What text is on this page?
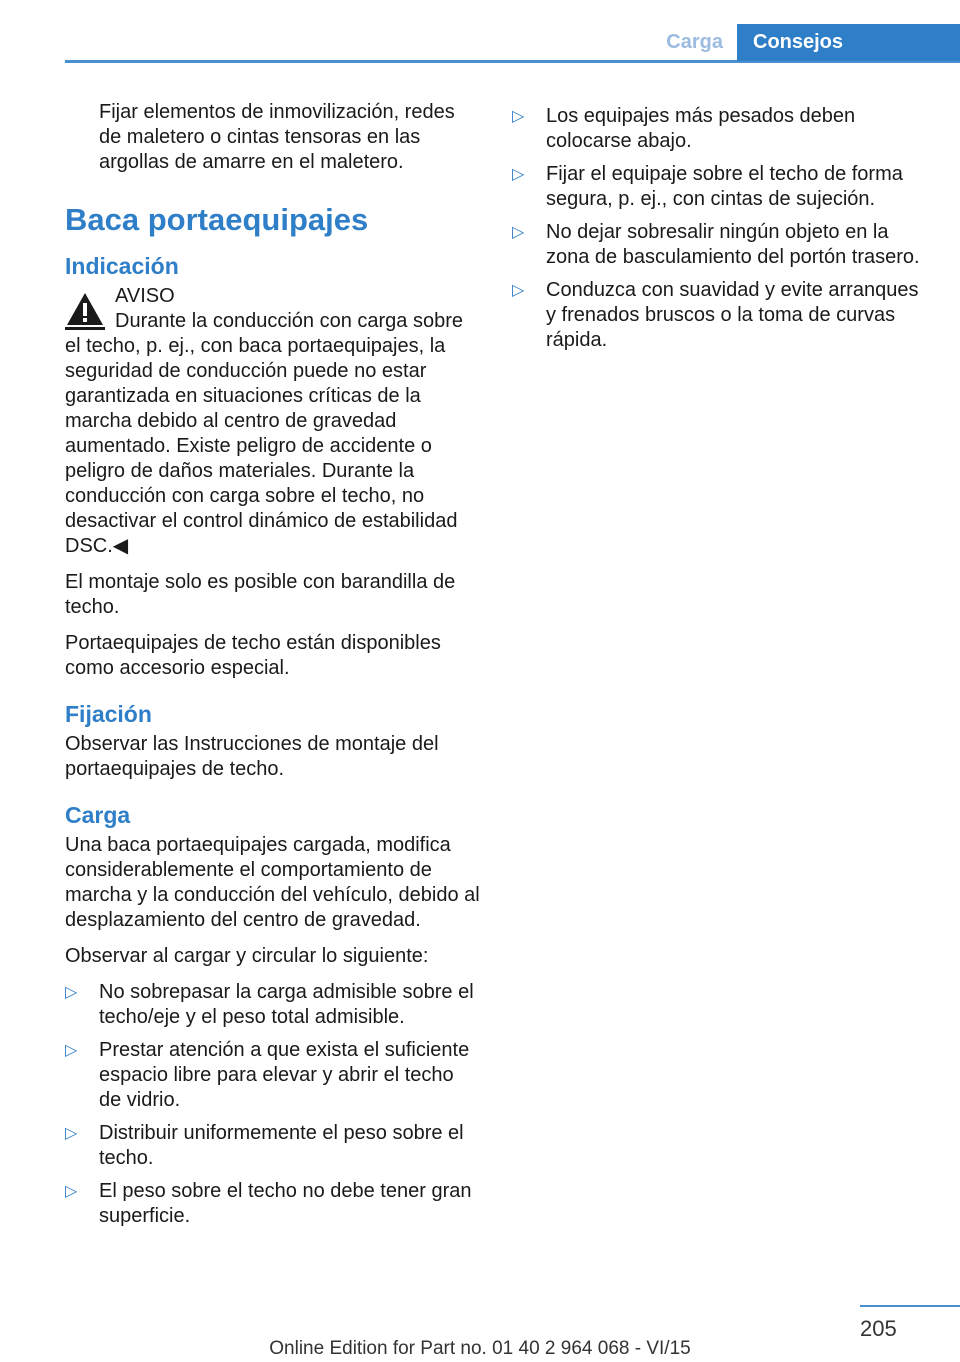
Carga	Consejos

Fijar elementos de inmovilización, redes de maletero o cintas tensoras en las argollas de amarre en el maletero.

Baca portaequipajes
Indicación
AVISO

Durante la conducción con carga sobre el techo, p. ej., con baca portaequipajes, la seguridad de conducción puede no estar garantizada en situaciones críticas de la marcha debido al centro de gravedad aumentado. Existe peligro de accidente o peligro de daños materiales. Durante la conducción con carga sobre el techo, no desactivar el control dinámico de estabilidad DSC.◀

El montaje solo es posible con barandilla de techo.

Portaequipajes de techo están disponibles como accesorio especial.

Fijación

Observar las Instrucciones de montaje del portaequipajes de techo.

Carga

Una baca portaequipajes cargada, modifica considerablemente el comportamiento de marcha y la conducción del vehículo, debido al desplazamiento del centro de gravedad.

Observar al cargar y circular lo siguiente:

▷ No sobrepasar la carga admisible sobre el techo/eje y el peso total admisible.
▷ Prestar atención a que exista el suficiente espacio libre para elevar y abrir el techo de vidrio.
▷ Distribuir uniformemente el peso sobre el techo.
▷ El peso sobre el techo no debe tener gran superficie.
▷ Los equipajes más pesados deben colocarse abajo.
▷ Fijar el equipaje sobre el techo de forma segura, p. ej., con cintas de sujeción.
▷ No dejar sobresalir ningún objeto en la zona de basculamiento del portón trasero.
▷ Conduzca con suavidad y evite arranques y frenados bruscos o la toma de curvas rápida.
205
Online Edition for Part no. 01 40 2 964 068 - VI/15
